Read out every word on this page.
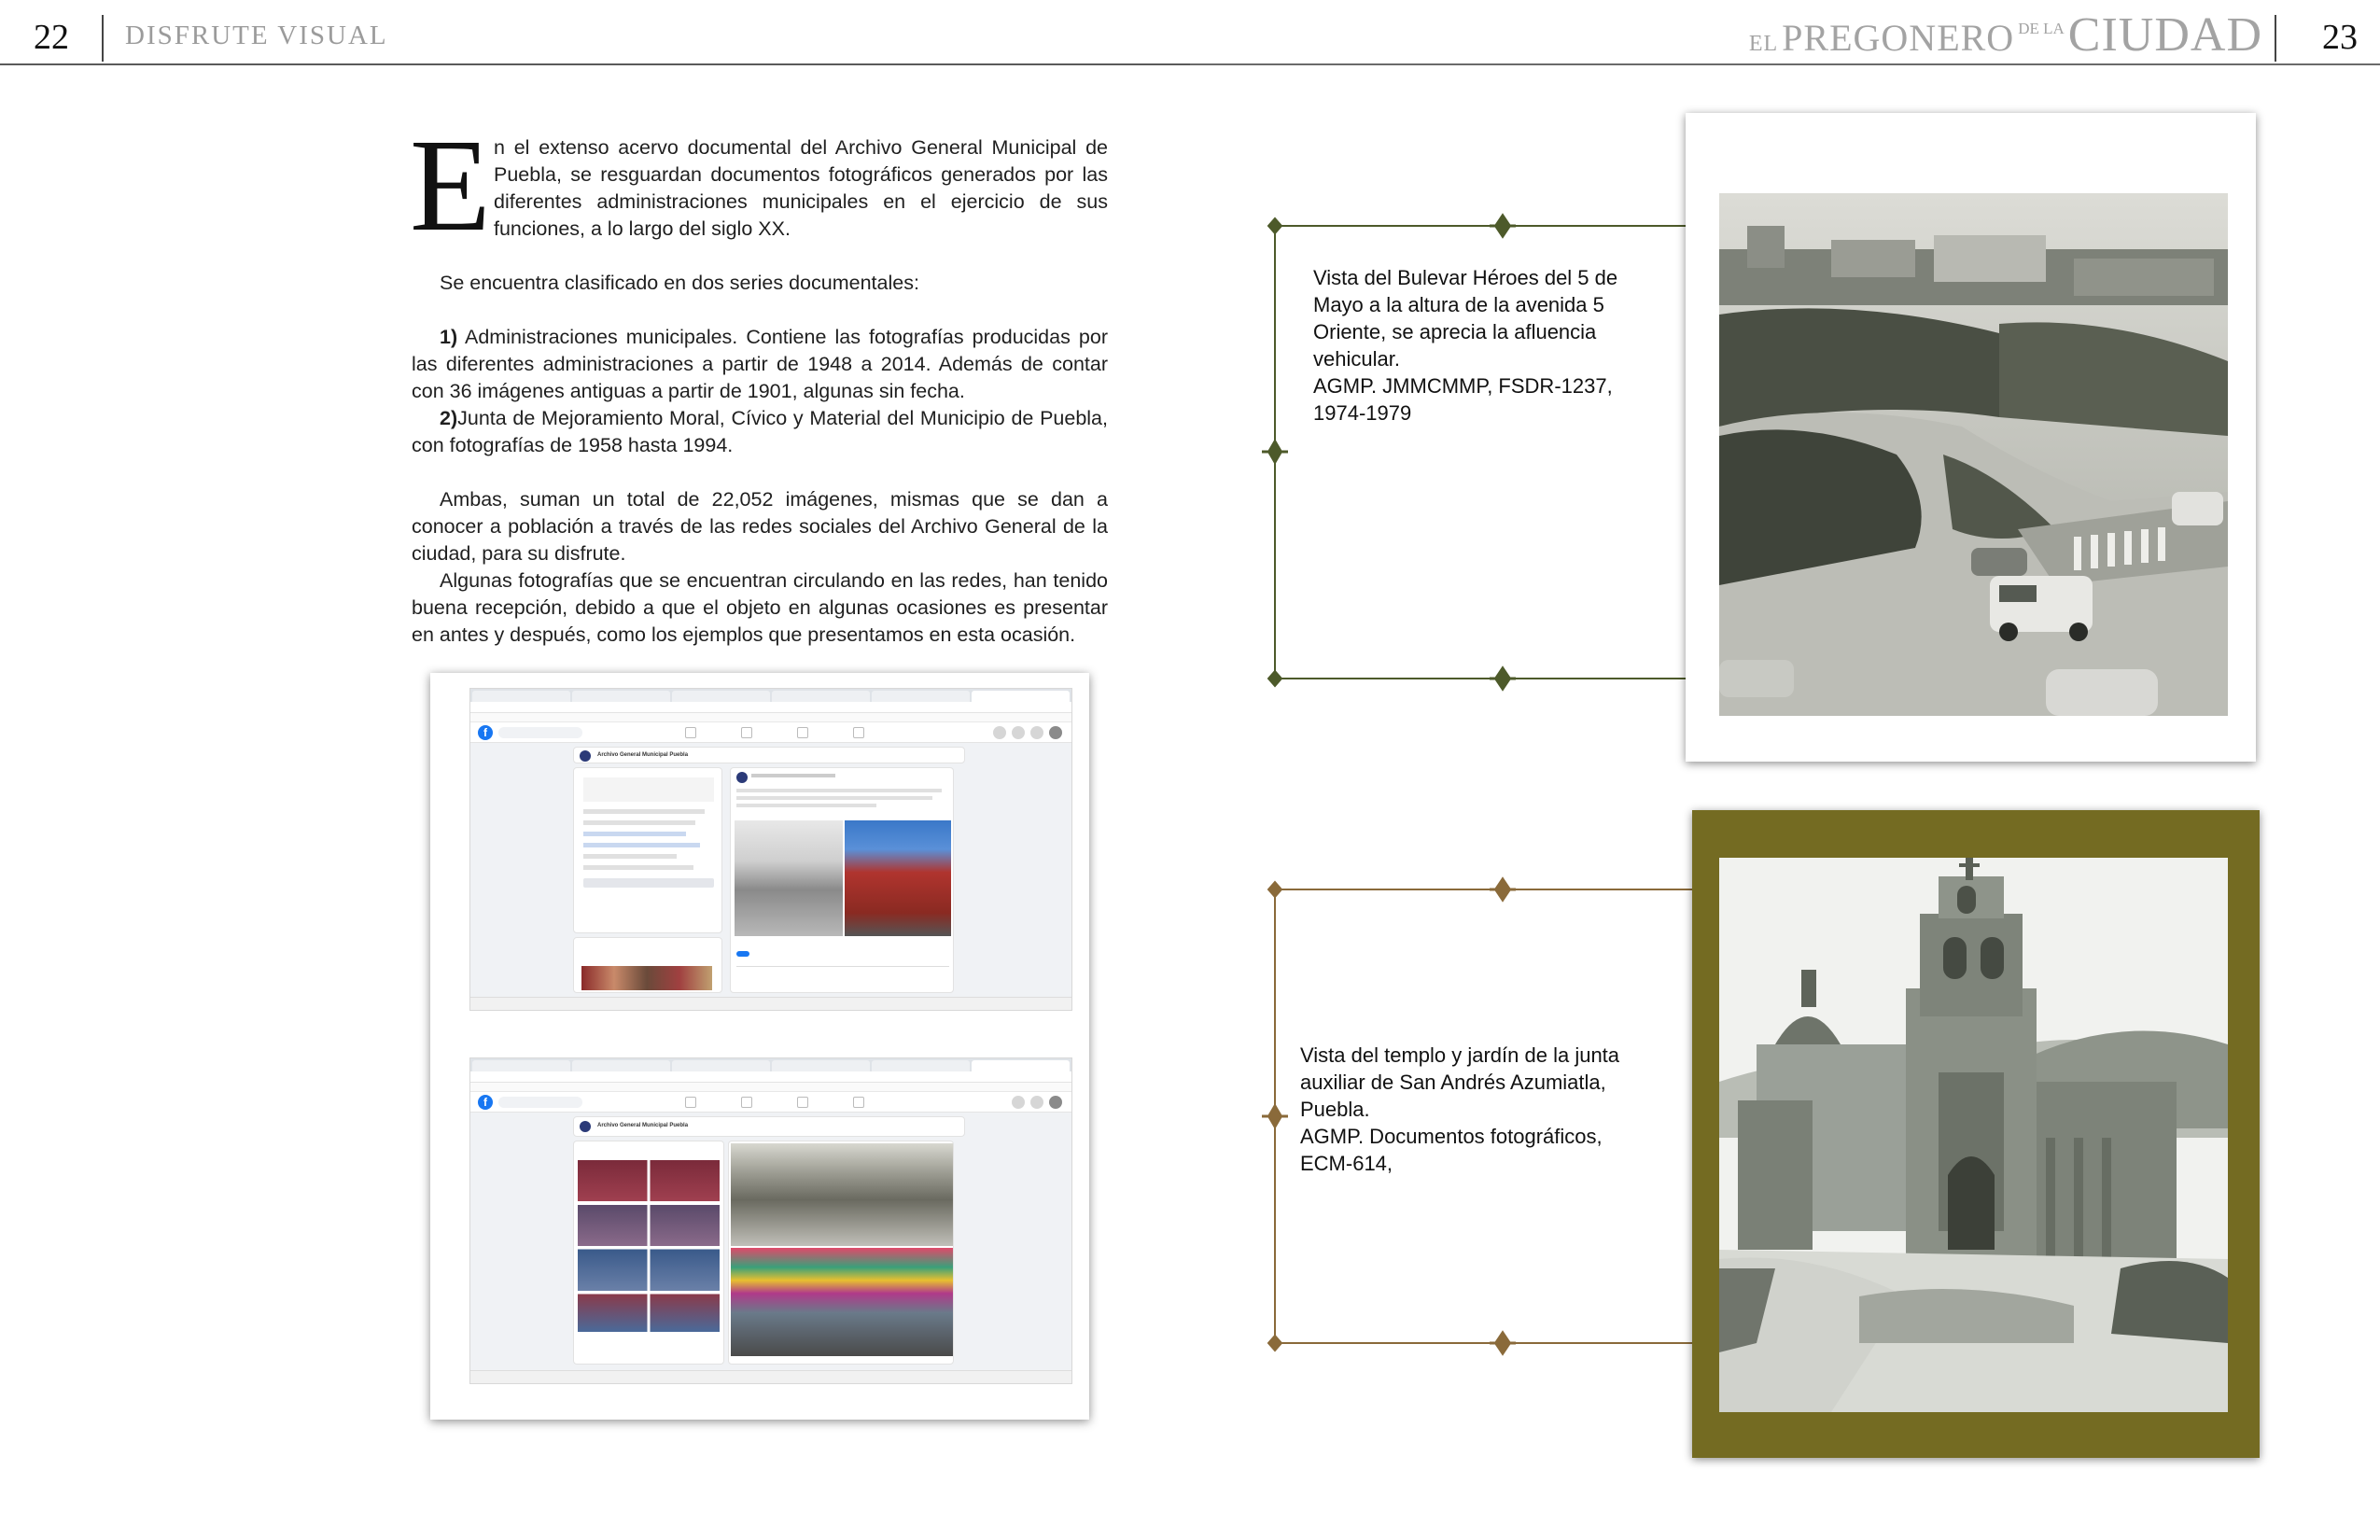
22 DISFRUTE VISUAL	EL PREGONERO DE LA CIUDAD 23
E n el extenso acervo documental del Archivo General Municipal de Puebla, se resguardan documentos fotográficos generados por las diferentes administraciones municipales en el ejercicio de sus funciones, a lo largo del siglo XX.
Se encuentra clasificado en dos series documentales:
1) Administraciones municipales. Contiene las fotografías producidas por las diferentes administraciones a partir de 1948 a 2014. Además de contar con 36 imágenes antiguas a partir de 1901, algunas sin fecha.
2)Junta de Mejoramiento Moral, Cívico y Material del Municipio de Puebla, con fotografías de 1958 hasta 1994.
Ambas, suman un total de 22,052 imágenes, mismas que se dan a conocer a población a través de las redes sociales del Archivo General de la ciudad, para su disfrute.
Algunas fotografías que se encuentran circulando en las redes, han tenido buena recepción, debido a que el objeto en algunas ocasiones es presentar en antes y después, como los ejemplos que presentamos en esta ocasión.
f
Archivo General Municipal Puebla
f
Archivo General Municipal Puebla
Vista del Bulevar Héroes del 5 de
Mayo a la altura de la avenida 5
Oriente, se aprecia la afluencia
vehicular.
AGMP. JMMCMMP, FSDR-1237,
1974-1979
Vista del templo y jardín de la junta
auxiliar de San Andrés Azumiatla,
Puebla.
AGMP. Documentos fotográficos,
ECM-614,
